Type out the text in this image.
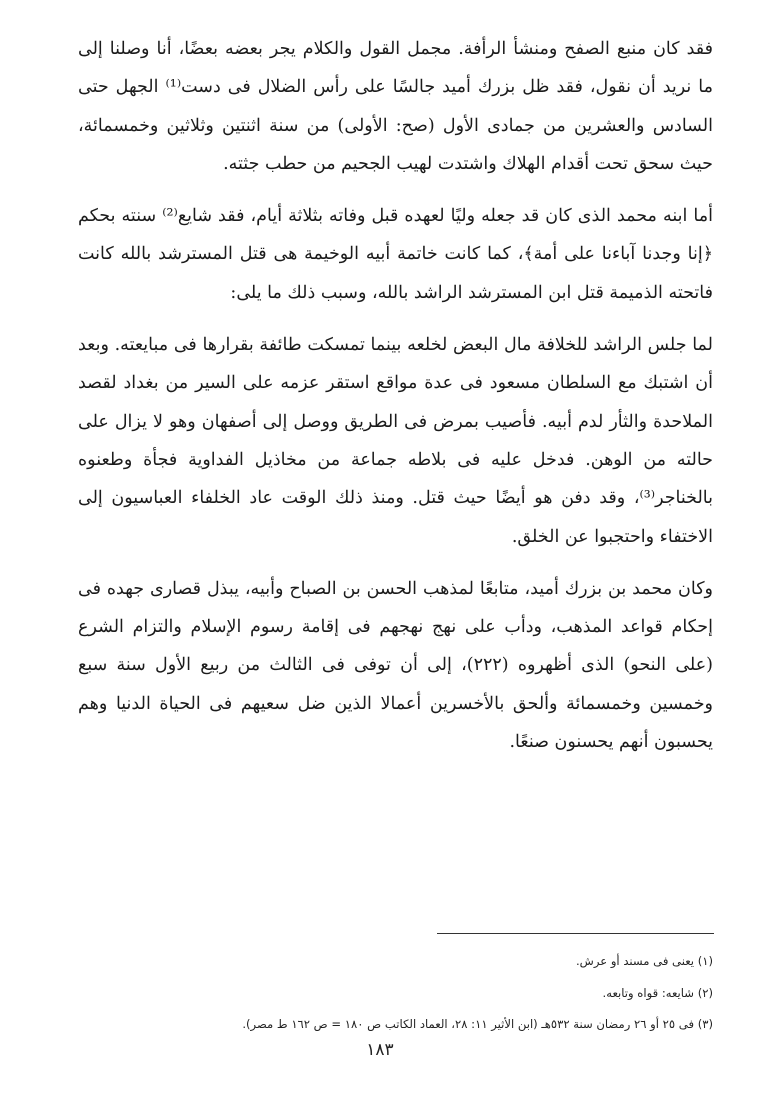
فقد كان منبع الصفح ومنشأ الرأفة. مجمل القول والكلام يجر بعضه بعضًا، أنا وصلنا إلى ما نريد أن نقول، فقد ظل بزرك أميد جالسًا على رأس الضلال فى دست⁽¹⁾ الجهل حتى السادس والعشرين من جمادى الأول (صح: الأولى) من سنة اثنتين وثلاثين وخمسمائة، حيث سحق تحت أقدام الهلاك واشتدت لهيب الجحيم من حطب جثته.

أما ابنه محمد الذى كان قد جعله وليًا لعهده قبل وفاته بثلاثة أيام، فقد شايع⁽²⁾ سنته بحكم ﴿إنا وجدنا آباءنا على أمة﴾، كما كانت خاتمة أبيه الوخيمة هى قتل المسترشد بالله كانت فاتحته الذميمة قتل ابن المسترشد الراشد بالله، وسبب ذلك ما يلى:

لما جلس الراشد للخلافة مال البعض لخلعه بينما تمسكت طائفة بقرارها فى مبايعته. وبعد أن اشتبك مع السلطان مسعود فى عدة مواقع استقر عزمه على السير من بغداد لقصد الملاحدة والثأر لدم أبيه. فأصيب بمرض فى الطريق ووصل إلى أصفهان وهو لا يزال على حالته من الوهن. فدخل عليه فى بلاطه جماعة من مخاذيل الفداوية فجأة وطعنوه بالخناجر⁽³⁾، وقد دفن هو أيضًا حيث قتل. ومنذ ذلك الوقت عاد الخلفاء العباسيون إلى الاختفاء واحتجبوا عن الخلق.

وكان محمد بن بزرك أميد، متابعًا لمذهب الحسن بن الصباح وأبيه، يبذل قصارى جهده فى إحكام قواعد المذهب، ودأب على نهج نهجهم فى إقامة رسوم الإسلام والتزام الشرع (على النحو) الذى أظهروه (٢٢٢)، إلى أن توفى فى الثالث من ربيع الأول سنة سبع وخمسين وخمسمائة وألحق بالأخسرين أعمالا الذين ضل سعيهم فى الحياة الدنيا وهم يحسبون أنهم يحسنون صنعًا.

(١) يعنى فى مسند أو عرش.

(٢) شايعه: قواه وتابعه.

(٣) فى ٢٥ أو ٢٦ رمضان سنة ٥٣٢هـ (ابن الأثير ١١: ٢٨، العماد الكاتب ص ١٨٠ = ص ١٦٢ ط مصر).

١٨٣
